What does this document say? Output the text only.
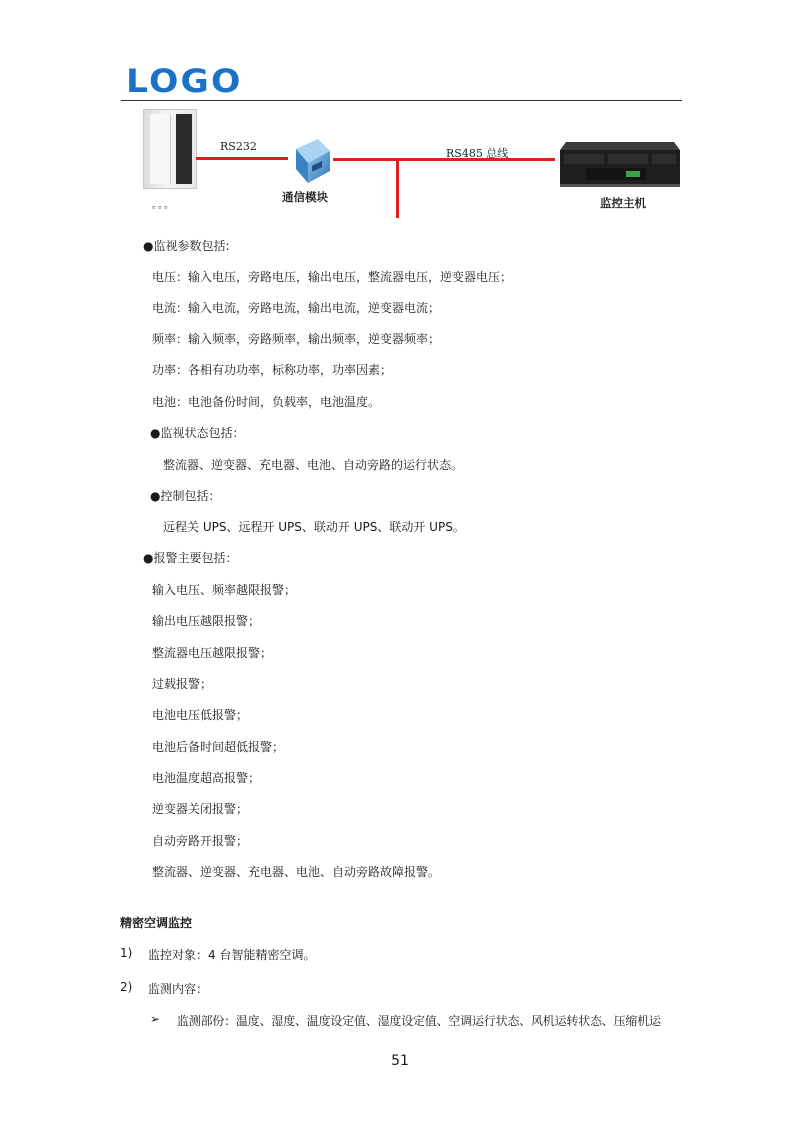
LOGO
。。。
RS232
通信模块
RS485 总线
监控主机
●监视参数包括:
电压：输入电压，旁路电压，输出电压，整流器电压，逆变器电压；
电流：输入电流，旁路电流，输出电流，逆变器电流；
频率：输入频率，旁路频率，输出频率，逆变器频率；
功率：各相有功功率，标称功率，功率因素；
电池：电池备份时间，负载率，电池温度。
●监视状态包括：
整流器、逆变器、充电器、电池、自动旁路的运行状态。
●控制包括：
远程关 UPS、远程开 UPS、联动开 UPS、联动开 UPS。
●报警主要包括：
输入电压、频率越限报警；
输出电压越限报警；
整流器电压越限报警；
过载报警；
电池电压低报警；
电池后备时间超低报警；
电池温度超高报警；
逆变器关闭报警；
自动旁路开报警；
整流器、逆变器、充电器、电池、自动旁路故障报警。
精密空调监控
1) 监控对象：4 台智能精密空调。
2) 监测内容：
➢ 监测部份：温度、湿度、温度设定值、湿度设定值、空调运行状态、风机运转状态、压缩机运
51
